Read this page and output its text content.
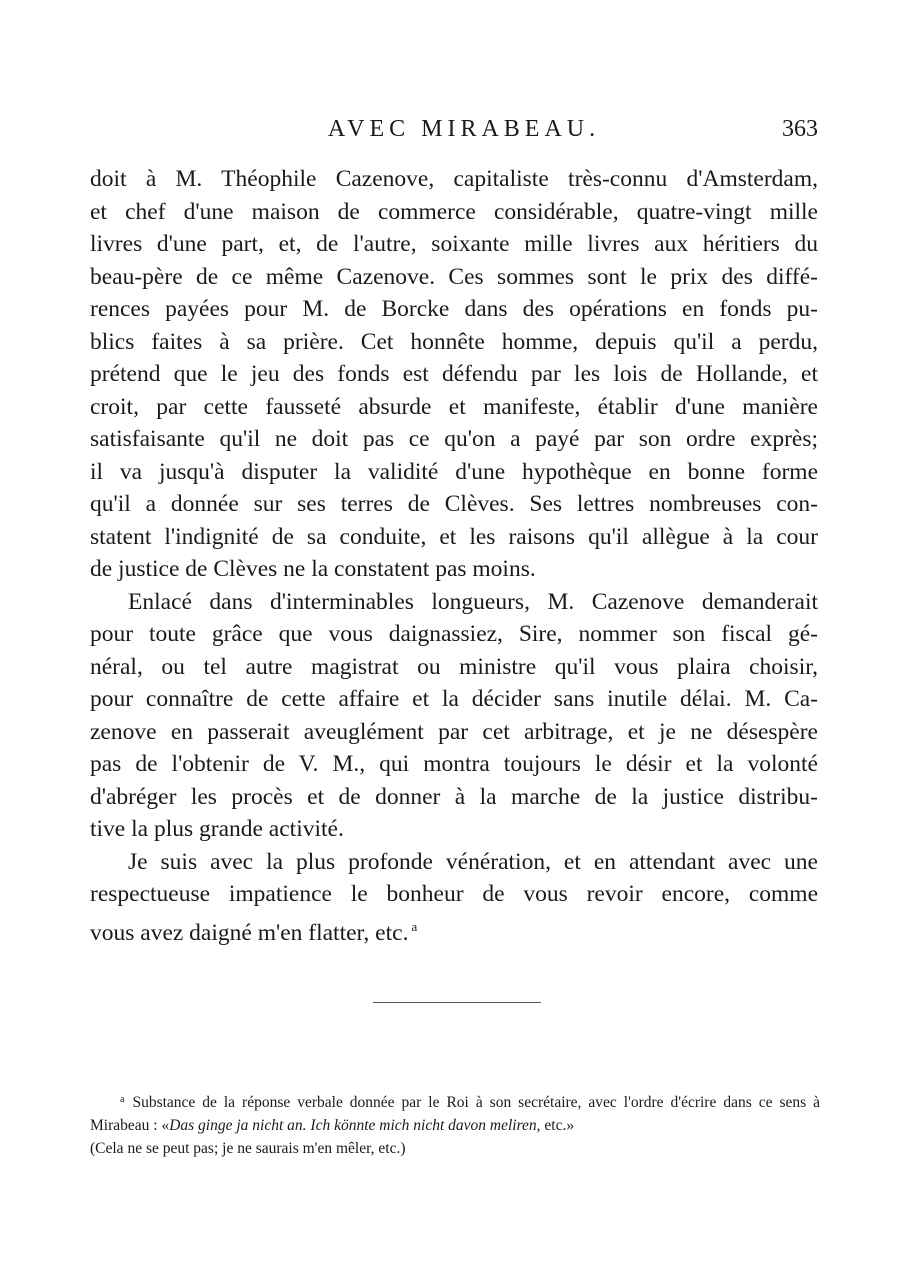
AVEC MIRABEAU.	363

doit à M. Théophile Cazenove, capitaliste très-connu d'Amsterdam,

et chef d'une maison de commerce considérable, quatre-vingt mille

livres d'une part, et, de l'autre, soixante mille livres aux héritiers du

beau-père de ce même Cazenove. Ces sommes sont le prix des diffé-

rences payées pour M. de Borcke dans des opérations en fonds pu-

blics faites à sa prière. Cet honnête homme, depuis qu'il a perdu,

prétend que le jeu des fonds est défendu par les lois de Hollande, et

croit, par cette fausseté absurde et manifeste, établir d'une manière

satisfaisante qu'il ne doit pas ce qu'on a payé par son ordre exprès;

il va jusqu'à disputer la validité d'une hypothèque en bonne forme

qu'il a donnée sur ses terres de Clèves. Ses lettres nombreuses con-

statent l'indignité de sa conduite, et les raisons qu'il allègue à la cour

de justice de Clèves ne la constatent pas moins.

Enlacé dans d'interminables longueurs, M. Cazenove demanderait

pour toute grâce que vous daignassiez, Sire, nommer son fiscal gé-

néral, ou tel autre magistrat ou ministre qu'il vous plaira choisir,

pour connaître de cette affaire et la décider sans inutile délai. M. Ca-

zenove en passerait aveuglément par cet arbitrage, et je ne désespère

pas de l'obtenir de V. M., qui montra toujours le désir et la volonté

d'abréger les procès et de donner à la marche de la justice distribu-

tive la plus grande activité.

Je suis avec la plus profonde vénération, et en attendant avec une

respectueuse impatience le bonheur de vous revoir encore, comme

vous avez daigné m'en flatter, etc. $^a$

$^a$ Substance de la réponse verbale donnée par le Roi à son secrétaire, avec l'ordre d'écrire dans ce sens à Mirabeau : «Das ginge ja nicht an. Ich könnte mich nicht davon meliren, etc.»

(Cela ne se peut pas; je ne saurais m'en mêler, etc.)
